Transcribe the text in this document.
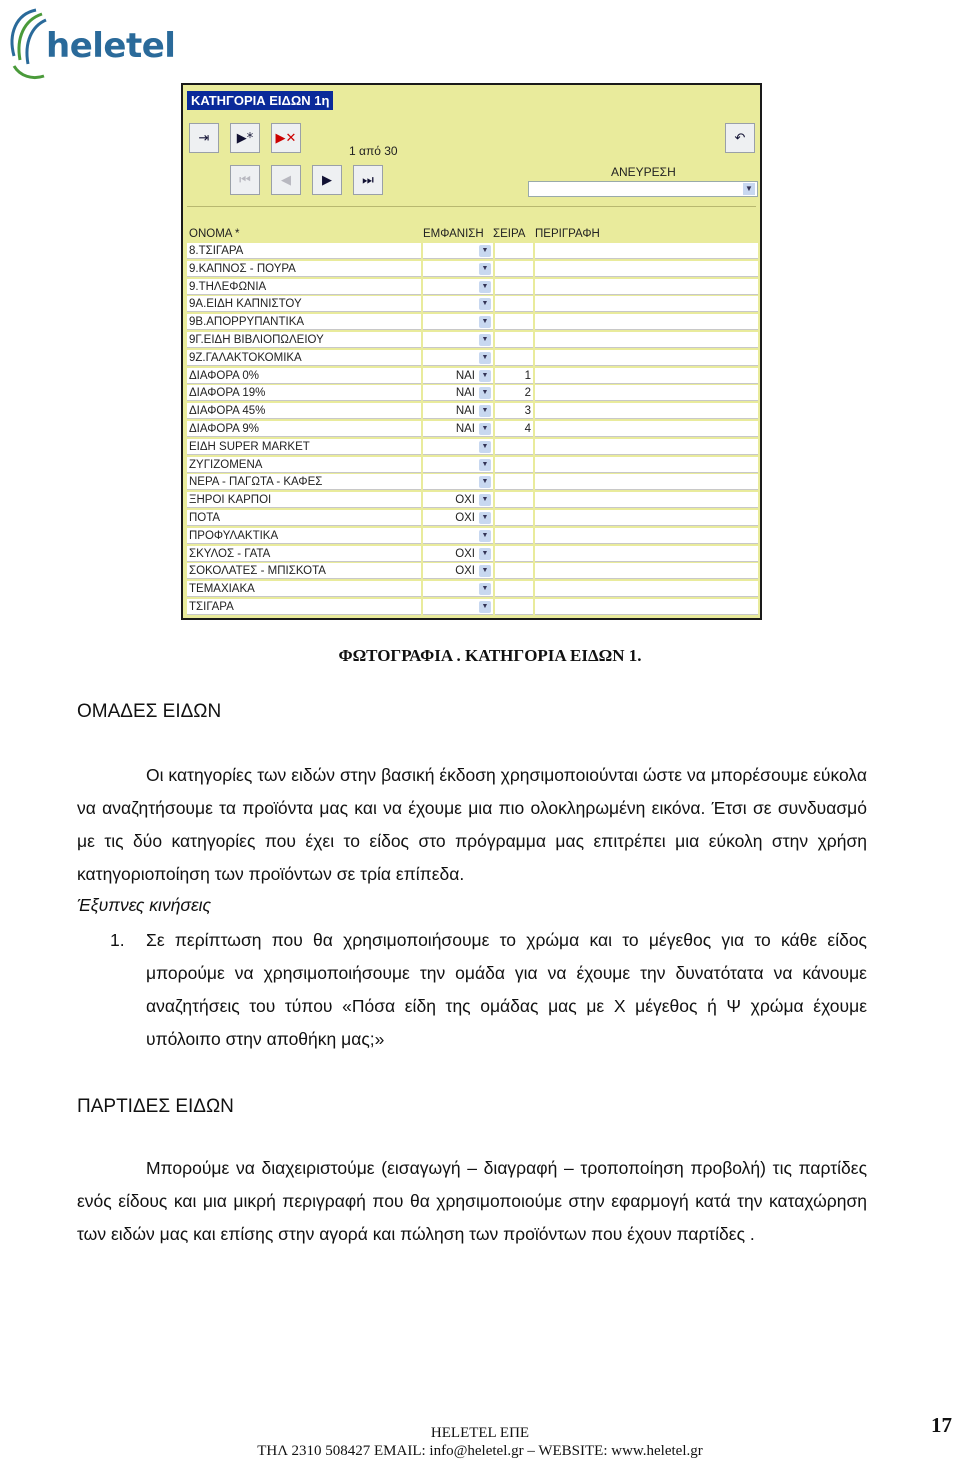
heletel
ΚΑΤΗΓΟΡΙΑ ΕΙΔΩΝ 1η
⇥ ▶* ▶✕	↶
⏮ ◀ ▶ ⏭
1 από 30
ΑΝΕΥΡΕΣΗ
▼
ΟΝΟΜΑ *	ΕΜΦΑΝΙΣΗ ΣΕΙΡΑ ΠΕΡΙΓΡΑΦΗ
8.ΤΣΙΓΑΡΑ	▼
9.ΚΑΠΝΟΣ - ΠΟΥΡΑ	▼
9.ΤΗΛΕΦΩΝΙΑ	▼
9Α.ΕΙΔΗ ΚΑΠΝΙΣΤΟΥ	▼
9Β.ΑΠΟΡΡΥΠΑΝΤΙΚΑ	▼
9Γ.ΕΙΔΗ ΒΙΒΛΙΟΠΩΛΕΙΟΥ	▼
9Ζ.ΓΑΛΑΚΤΟΚΟΜΙΚΑ	▼
ΔΙΑΦΟΡΑ 0%	ΝΑΙ ▼	1
ΔΙΑΦΟΡΑ 19%	ΝΑΙ ▼	2
ΔΙΑΦΟΡΑ 45%	ΝΑΙ ▼	3
ΔΙΑΦΟΡΑ 9%	ΝΑΙ ▼	4
ΕΙΔΗ SUPER MARKET	▼
ΖΥΓΙΖΟΜΕΝΑ	▼
ΝΕΡΑ - ΠΑΓΩΤΑ - ΚΑΦΕΣ	▼
ΞΗΡΟΙ ΚΑΡΠΟΙ	ΟΧΙ ▼
ΠΟΤΑ	ΟΧΙ ▼
ΠΡΟΦΥΛΑΚΤΙΚΑ	▼
ΣΚΥΛΟΣ - ΓΑΤΑ	ΟΧΙ ▼
ΣΟΚΟΛΑΤΕΣ - ΜΠΙΣΚΟΤΑ	ΟΧΙ ▼
ΤΕΜΑΧΙΑΚΑ	▼
ΤΣΙΓΑΡΑ	▼
ΦΩΤΟΓΡΑΦΙΑ . ΚΑΤΗΓΟΡΙΑ ΕΙΔΩΝ 1.
ΟΜΑΔΕΣ ΕΙΔΩΝ
Οι κατηγορίες των ειδών στην βασική έκδοση χρησιμοποιούνται ώστε να μπορέσουμε εύκολα να αναζητήσουμε τα προϊόντα μας και να έχουμε μια πιο ολοκληρωμένη εικόνα. Έτσι σε συνδυασμό με τις δύο κατηγορίες που έχει το είδος στο πρόγραμμα μας επιτρέπει μια εύκολη στην χρήση κατηγοριοποίηση των προϊόντων σε τρία επίπεδα.
Έξυπνες κινήσεις
1. Σε περίπτωση που θα χρησιμοποιήσουμε το χρώμα και το μέγεθος για το κάθε είδος μπορούμε να χρησιμοποιήσουμε την ομάδα για να έχουμε την δυνατότατα να κάνουμε αναζητήσεις του τύπου «Πόσα είδη της ομάδας μας με Χ μέγεθος ή Ψ χρώμα έχουμε υπόλοιπο στην αποθήκη μας;»
ΠΑΡΤΙΔΕΣ ΕΙΔΩΝ
Μπορούμε να διαχειριστούμε (εισαγωγή – διαγραφή – τροποποίηση προβολή) τις παρτίδες ενός είδους και μια μικρή περιγραφή που θα χρησιμοποιούμε στην εφαρμογή κατά την καταχώρηση των ειδών μας και επίσης στην αγορά και πώληση των προϊόντων που έχουν παρτίδες .
HELETEL ΕΠΕ
ΤΗΛ 2310 508427 EMAIL: info@heletel.gr – WEBSITE: www.heletel.gr
17
